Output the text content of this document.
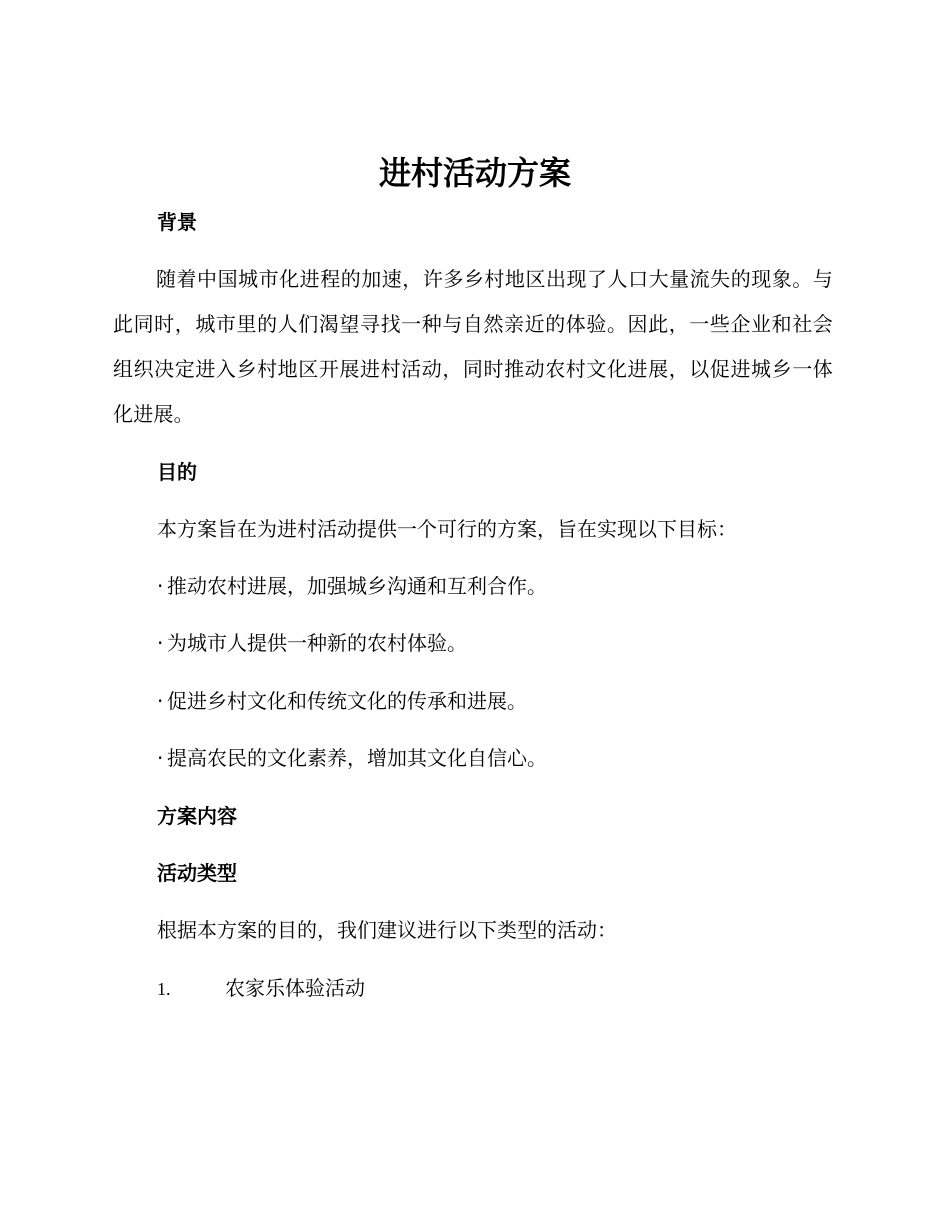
进村活动方案
背景
随着中国城市化进程的加速，许多乡村地区出现了人口大量流失的现象。与此同时，城市里的人们渴望寻找一种与自然亲近的体验。因此，一些企业和社会组织决定进入乡村地区开展进村活动，同时推动农村文化进展，以促进城乡一体化进展。
目的
本方案旨在为进村活动提供一个可行的方案，旨在实现以下目标：
· 推动农村进展，加强城乡沟通和互利合作。
· 为城市人提供一种新的农村体验。
· 促进乡村文化和传统文化的传承和进展。
· 提高农民的文化素养，增加其文化自信心。
方案内容
活动类型
根据本方案的目的，我们建议进行以下类型的活动：
1.	农家乐体验活动
